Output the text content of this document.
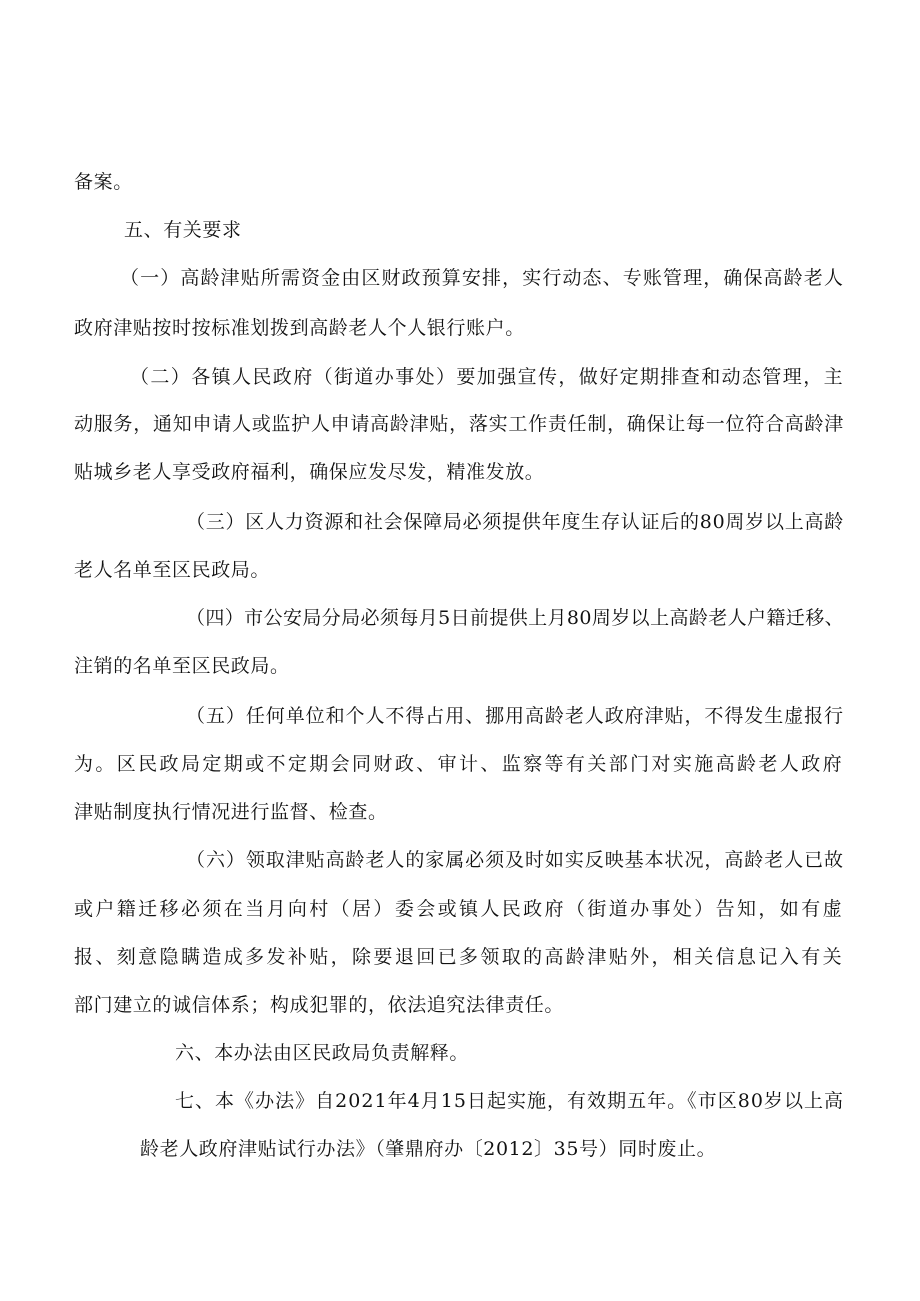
备案。
五、有关要求
（一）高龄津贴所需资金由区财政预算安排，实行动态、专账管理，确保高龄老人
政府津贴按时按标准划拨到高龄老人个人银行账户。
（二）各镇人民政府（街道办事处）要加强宣传，做好定期排查和动态管理，主
动服务，通知申请人或监护人申请高龄津贴，落实工作责任制，确保让每一位符合高龄津
贴城乡老人享受政府福利，确保应发尽发，精准发放。
（三）区人力资源和社会保障局必须提供年度生存认证后的80周岁以上高龄
老人名单至区民政局。
（四）市公安局分局必须每月5日前提供上月80周岁以上高龄老人户籍迁移、
注销的名单至区民政局。
（五）任何单位和个人不得占用、挪用高龄老人政府津贴，不得发生虚报行
为。区民政局定期或不定期会同财政、审计、监察等有关部门对实施高龄老人政府
津贴制度执行情况进行监督、检查。
（六）领取津贴高龄老人的家属必须及时如实反映基本状况，高龄老人已故
或户籍迁移必须在当月向村（居）委会或镇人民政府（街道办事处）告知，如有虚
报、刻意隐瞒造成多发补贴，除要退回已多领取的高龄津贴外，相关信息记入有关
部门建立的诚信体系；构成犯罪的，依法追究法律责任。
六、本办法由区民政局负责解释。
七、本《办法》自2021年4月15日起实施，有效期五年。《市区80岁以上高
龄老人政府津贴试行办法》（肇鼎府办〔2012〕35号）同时废止。
